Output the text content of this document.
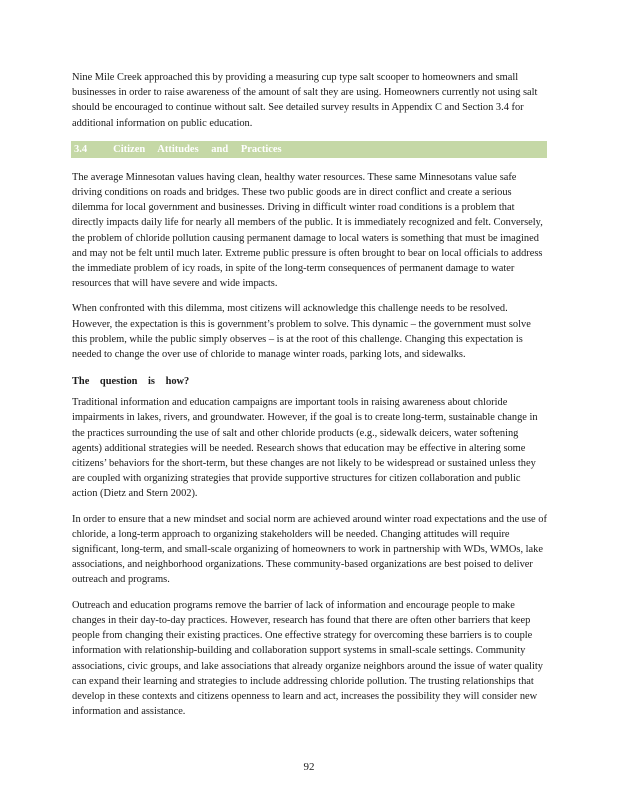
Nine Mile Creek approached this by providing a measuring cup type salt scooper to homeowners and small businesses in order to raise awareness of the amount of salt they are using. Homeowners currently not using salt should be encouraged to continue without salt. See detailed survey results in Appendix C and Section 3.4 for additional information on public education.

3.4 Citizen Attitudes and Practices

The average Minnesotan values having clean, healthy water resources. These same Minnesotans value safe driving conditions on roads and bridges. These two public goods are in direct conflict and create a serious dilemma for local government and businesses. Driving in difficult winter road conditions is a problem that directly impacts daily life for nearly all members of the public. It is immediately recognized and felt. Conversely, the problem of chloride pollution causing permanent damage to local waters is something that must be imagined and may not be felt until much later. Extreme public pressure is often brought to bear on local officials to address the immediate problem of icy roads, in spite of the long-term consequences of permanent damage to water resources that will have severe and wide impacts.

When confronted with this dilemma, most citizens will acknowledge this challenge needs to be resolved. However, the expectation is this is government’s problem to solve. This dynamic – the government must solve this problem, while the public simply observes – is at the root of this challenge. Changing this expectation is needed to change the over use of chloride to manage winter roads, parking lots, and sidewalks.

The question is how?

Traditional information and education campaigns are important tools in raising awareness about chloride impairments in lakes, rivers, and groundwater. However, if the goal is to create long-term, sustainable change in the practices surrounding the use of salt and other chloride products (e.g., sidewalk deicers, water softening agents) additional strategies will be needed. Research shows that education may be effective in altering some citizens’ behaviors for the short-term, but these changes are not likely to be widespread or sustained unless they are coupled with organizing strategies that provide supportive structures for citizen collaboration and public action (Dietz and Stern 2002).

In order to ensure that a new mindset and social norm are achieved around winter road expectations and the use of chloride, a long-term approach to organizing stakeholders will be needed. Changing attitudes will require significant, long-term, and small-scale organizing of homeowners to work in partnership with WDs, WMOs, lake associations, and neighborhood organizations. These community-based organizations are best poised to deliver outreach and programs.

Outreach and education programs remove the barrier of lack of information and encourage people to make changes in their day-to-day practices. However, research has found that there are often other barriers that keep people from changing their existing practices. One effective strategy for overcoming these barriers is to couple information with relationship-building and collaboration support systems in small-scale settings. Community associations, civic groups, and lake associations that already organize neighbors around the issue of water quality can expand their learning and strategies to include addressing chloride pollution. The trusting relationships that develop in these contexts and citizens openness to learn and act, increases the possibility they will consider new information and assistance.

92
